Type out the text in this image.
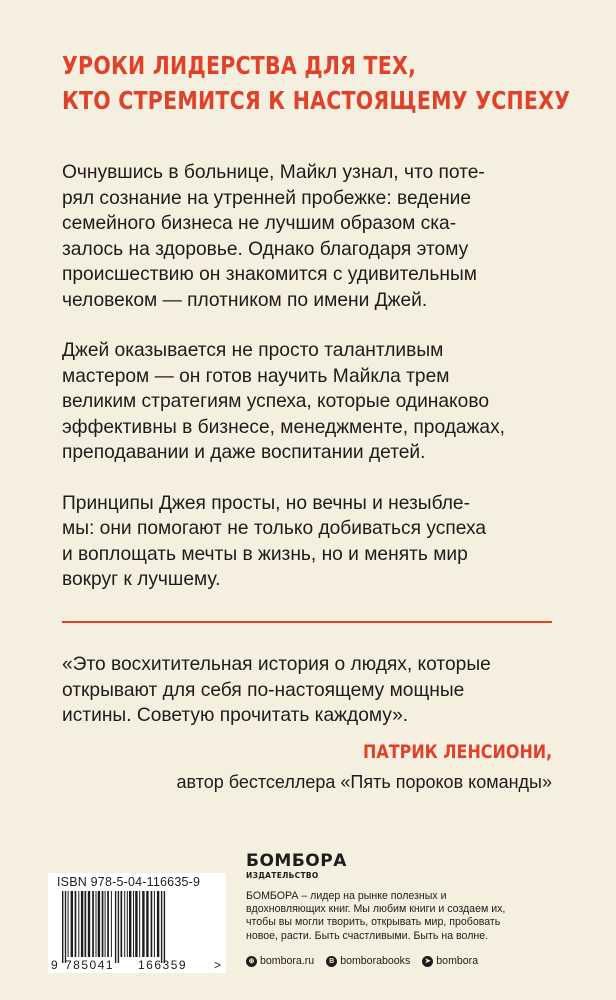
УРОКИ ЛИДЕРСТВА ДЛЯ ТЕХ,
КТО СТРЕМИТСЯ К НАСТОЯЩЕМУ УСПЕХУ

Очнувшись в больнице, Майкл узнал, что поте-
рял сознание на утренней пробежке: ведение
семейного бизнеса не лучшим образом ска-
залось на здоровье. Однако благодаря этому
происшествию он знакомится с удивительным
человеком — плотником по имени Джей.

Джей оказывается не просто талантливым
мастером — он готов научить Майкла трем
великим стратегиям успеха, которые одинаково
эффективны в бизнесе, менеджменте, продажах,
преподавании и даже воспитании детей.

Принципы Джея просты, но вечны и незыбле-
мы: они помогают не только добиваться успеха
и воплощать мечты в жизнь, но и менять мир
вокруг к лучшему.

«Это восхитительная история о людях, которые
открывают для себя по-настоящему мощные
истины. Советую прочитать каждому».
ПАТРИК ЛЕНСИОНИ,
автор бестселлера «Пять пороков команды»
ISBN 978-5-04-116635-9
9 785041 166359 >
БОМБОРА
ИЗДАТЕЛЬСТВО
БОМБОРА – лидер на рынке полезных и вдохновляющих книг. Мы любим книги и создаем их, чтобы вы могли творить, открывать мир, пробовать новое, расти. Быть счастливыми. Быть на волне.
⊕ bombora.ru	В bomborabooks	➤ bombora
